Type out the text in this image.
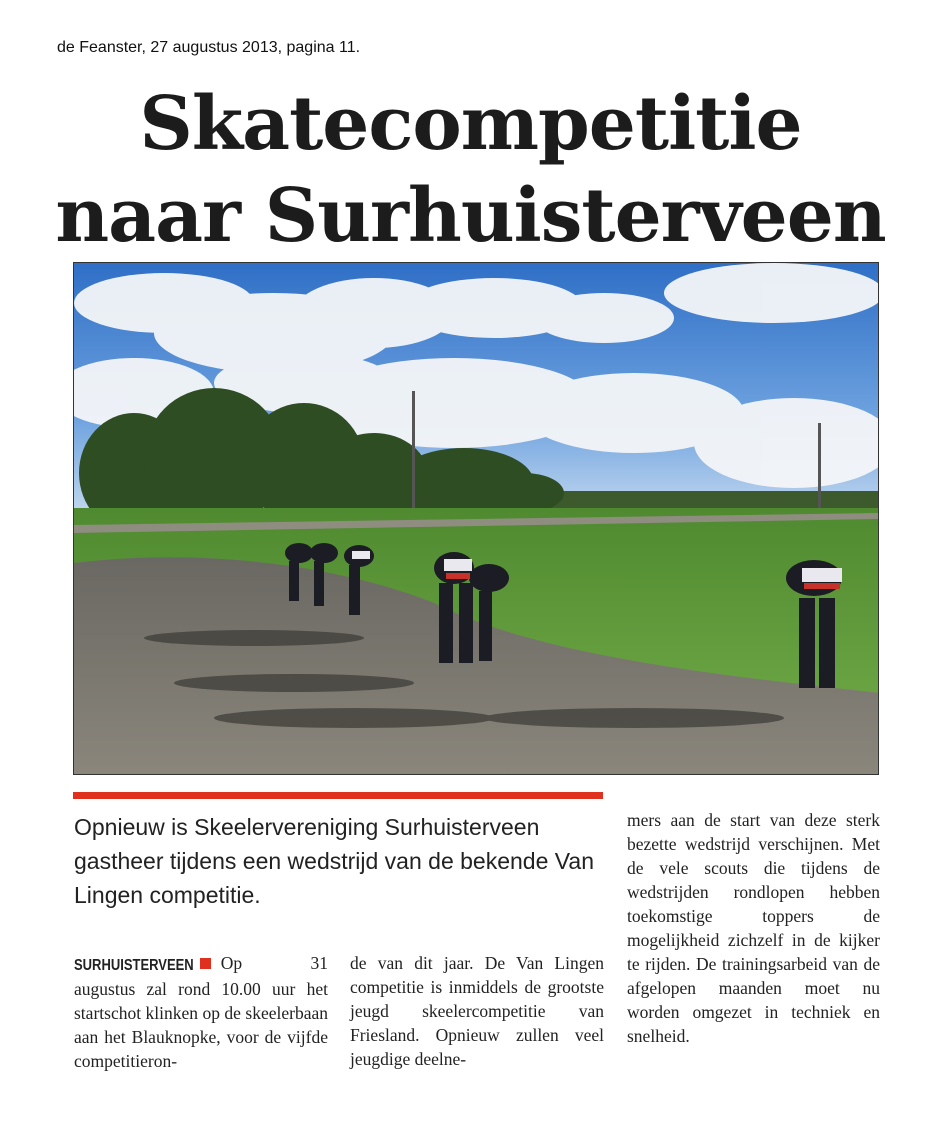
de Feanster, 27 augustus 2013, pagina 11.
Skatecompetitie
naar Surhuisterveen

Opnieuw is Skeelervereniging Surhuisterveen gastheer tijdens een wedstrijd van de bekende Van Lingen competitie.

SURHUISTERVEEN Op 31 augustus zal rond 10.00 uur het startschot klinken op de skeelerbaan aan het Blauknopke, voor de vijfde competitieron-

de van dit jaar. De Van Lingen competitie is inmiddels de grootste jeugd skeelercompetitie van Friesland. Opnieuw zullen veel jeugdige deelne-

mers aan de start van deze sterk bezette wedstrijd verschijnen. Met de vele scouts die tijdens de wedstrijden rondlopen hebben toekomstige toppers de mogelijkheid zichzelf in de kijker te rijden. De trainingsarbeid van de afgelopen maanden moet nu worden omgezet in techniek en snelheid.
